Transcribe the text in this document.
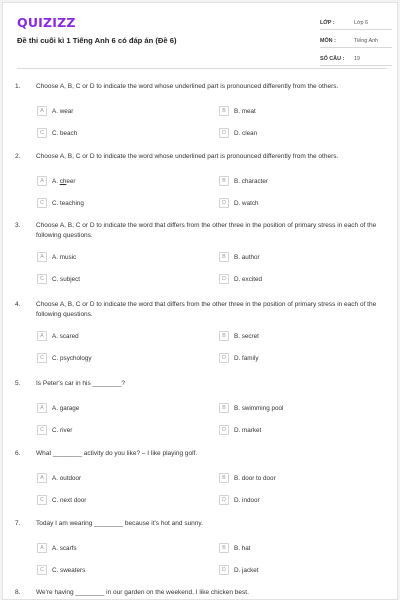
QUIZIZZ
Đề thi cuối kì 1 Tiếng Anh 6 có đáp án (Đề 6)
LỚP :	Lớp 6
MÔN :	Tiếng Anh
SỐ CÂU :	19
1.	Choose A, B, C or D to indicate the word whose underlined part is pronounced differently from the others.
A	A. wear	B	B. meat
C	C. beach	D	D. clean
2.	Choose A, B, C or D to indicate the word whose underlined part is pronounced differently from the others.
A	A. cheer	B	B. character
C	C. teaching	D	D. watch
3.	Choose A, B, C or D to indicate the word that differs from the other three in the position of primary stress in each of the following questions.
A	A. music	B	B. author
C	C. subject	D	D. excited
4.	Choose A, B, C or D to indicate the word that differs from the other three in the position of primary stress in each of the following questions.
A	A. scared	B	B. secret
C	C. psychology	D	D. family
5.	Is Peter's car in his ________?
A	A. garage	B	B. swimming pool
C	C. river	D	D. market
6.	What ________ activity do you like? – I like playing golf.
A	A. outdoor	B	B. door to door
C	C. next door	D	D. indoor
7.	Today I am wearing ________ because it's hot and sunny.
A	A. scarfs	B	B. hat
C	C. sweaters	D	D. jacket
8.	We're having ________ in our garden on the weekend. I like chicken best.
